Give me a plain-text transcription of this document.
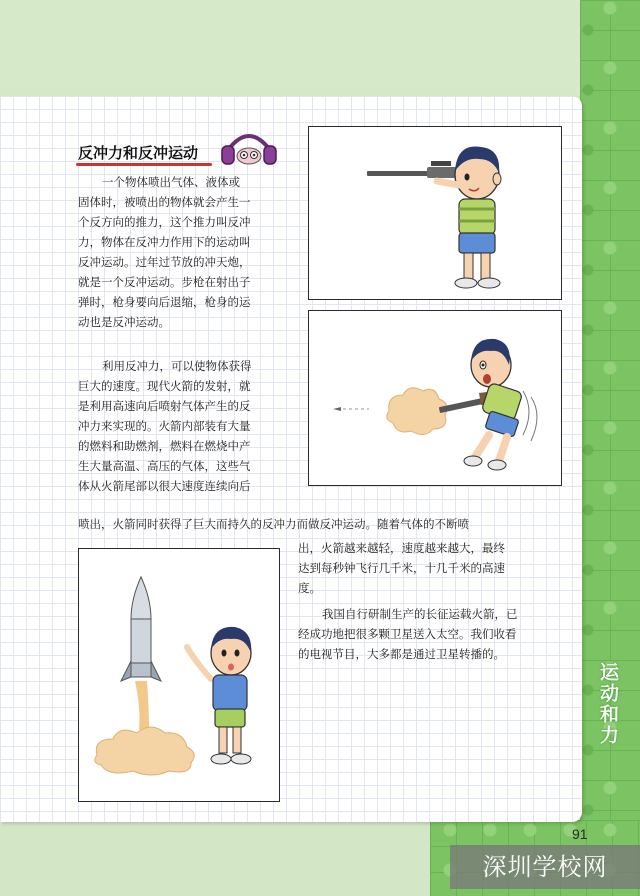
运动和力
反冲力和反冲运动
一个物体喷出气体、液体或
固体时，被喷出的物体就会产生一
个反方向的推力，这个推力叫反冲
力，物体在反冲力作用下的运动叫
反冲运动。过年过节放的冲天炮，
就是一个反冲运动。步枪在射出子
弹时，枪身要向后退缩，枪身的运
动也是反冲运动。
利用反冲力，可以使物体获得
巨大的速度。现代火箭的发射，就
是利用高速向后喷射气体产生的反
冲力来实现的。火箭内部装有大量
的燃料和助燃剂，燃料在燃烧中产
生大量高温、高压的气体，这些气
体从火箭尾部以很大速度连续向后
喷出，火箭同时获得了巨大而持久的反冲力而做反冲运动。随着气体的不断喷
出，火箭越来越轻，速度越来越大，最终
达到每秒钟飞行几千米，十几千米的高速
度。
我国自行研制生产的长征运载火箭，已
经成功地把很多颗卫星送入太空。我们收看
的电视节目，大多都是通过卫星转播的。
91
深圳学校网
